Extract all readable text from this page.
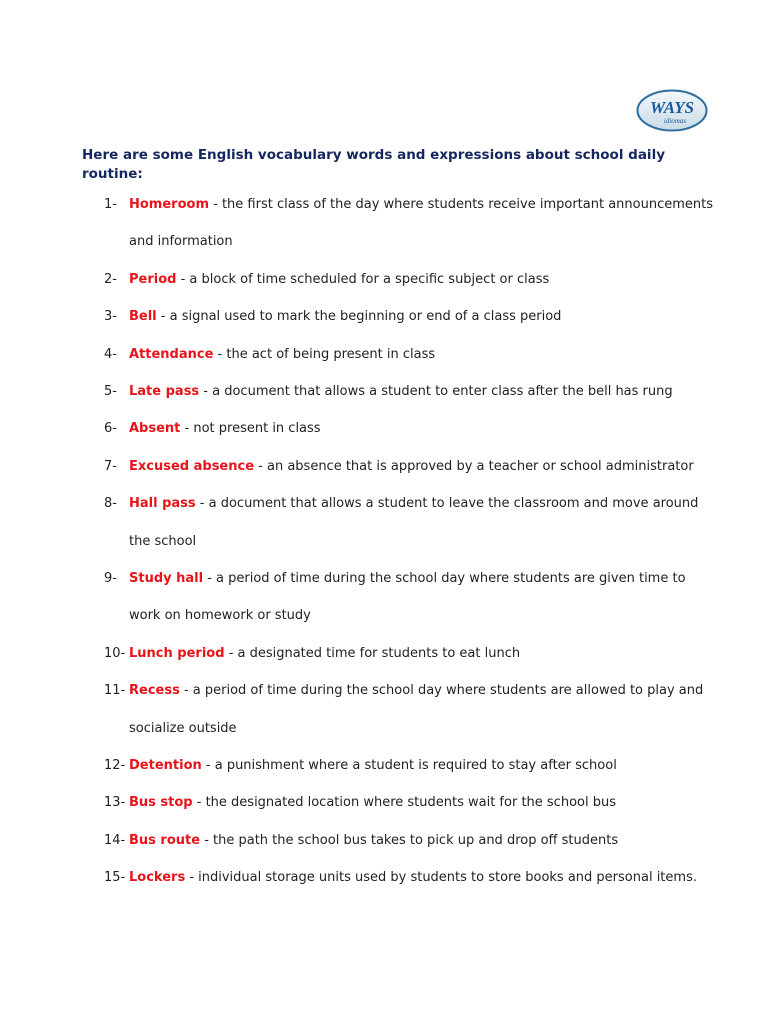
WAYS
idiomas

Here are some English vocabulary words and expressions about school daily routine:

1- Homeroom - the first class of the day where students receive important announcements
and information
2- Period - a block of time scheduled for a specific subject or class
3- Bell - a signal used to mark the beginning or end of a class period
4- Attendance - the act of being present in class
5- Late pass - a document that allows a student to enter class after the bell has rung
6- Absent - not present in class
7- Excused absence - an absence that is approved by a teacher or school administrator
8- Hall pass - a document that allows a student to leave the classroom and move around
the school
9- Study hall - a period of time during the school day where students are given time to
work on homework or study
10- Lunch period - a designated time for students to eat lunch
11- Recess - a period of time during the school day where students are allowed to play and
socialize outside
12- Detention - a punishment where a student is required to stay after school
13- Bus stop - the designated location where students wait for the school bus
14- Bus route - the path the school bus takes to pick up and drop off students
15- Lockers - individual storage units used by students to store books and personal items.
